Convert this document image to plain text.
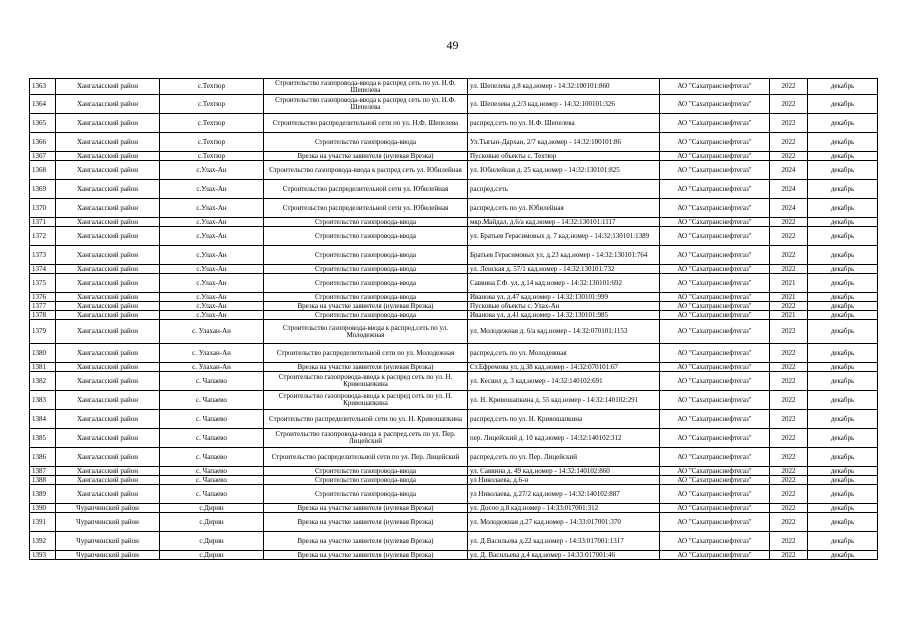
49
1363	Хангаласский район	с.Техтюр	Строительство газопровода-ввода к распред сеть по ул. Н.Ф. Шепелева	ул. Шепелева д.8 кад.номер - 14:32:100101:860	АО "Сахатранснефтегаз"	2022	декабрь
1364	Хангаласский район	с.Техтюр	Строительство газопровода-ввода к распред сеть по ул. Н.Ф. Шепелева	ул. Шепелева д.2/3 кад.номер - 14:32:100101:326	АО "Сахатранснефтегаз"	2022	декабрь
1365	Хангаласский район	с.Техтюр	Строительство распределительной сети по ул. Н.Ф. Шепелева	распред.сеть по ул. Н.Ф. Шепелева	АО "Сахатранснефтегаз"	2022	декабрь
1366	Хангаласский район	с.Техтюр	Строительство газопровода-ввода	Ул.Тыгын-Дархан, 2/7 кад.номер - 14:32:100101:86	АО "Сахатранснефтегаз"	2022	декабрь
1367	Хангаласский район	с.Техтюр	Врезка на участке заявителя (нулевая Врезка)	Пусковые объекты с. Техтюр	АО "Сахатранснефтегаз"	2022	декабрь
1368	Хангаласский район	с.Улах-Ан	Строительство газопровода-ввода к распред сеть ул. Юбилейная	ул. Юбилейная д. 25 кад.номер - 14:32:130101:825	АО "Сахатранснефтегаз"	2024	декабрь
1369	Хангаласский район	с.Улах-Ан	Строительство распределительной сети ул. Юбилейная	распред.сеть	АО "Сахатранснефтегаз"	2024	декабрь
1370	Хангаласский район	с.Улах-Ан	Строительство распределительной сети ул. Юбилейная	распред.сеть по ул. Юбилейная	АО "Сахатранснефтегаз"	2024	декабрь
1371	Хангаласский район	с.Улах-Ан	Строительство газопровода-ввода	мкр.Майдал, д.6/а кад.номер - 14:32:130101:1117	АО "Сахатранснефтегаз"	2022	декабрь
1372	Хангаласский район	с.Улах-Ан	Строительство газопровода-ввода	ул. Братьев Герасимовых д. 7 кад.номер - 14:32:130101:1389	АО "Сахатранснефтегаз"	2022	декабрь
1373	Хангаласский район	с.Улах-Ан	Строительство газопровода-ввода	Братьев Герасимовых ул, д.23 кад.номер - 14:32:130101:764	АО "Сахатранснефтегаз"	2022	декабрь
1374	Хангаласский район	с.Улах-Ан	Строительство газопровода-ввода	ул. Ленская д. 57/1 кад.номер - 14:32:130101:732	АО "Сахатранснефтегаз"	2022	декабрь
1375	Хангаласский район	с.Улах-Ан	Строительство газопровода-ввода	Саввина Г.Ф. ул, д.14 кад.номер - 14:32:130101:692	АО "Сахатранснефтегаз"	2021	декабрь
1376	Хангаласский район	с.Улах-Ан	Строительство газопровода-ввода	Иванова ул, д.47 кад.номер - 14:32:130101:999	АО "Сахатранснефтегаз"	2021	декабрь
1377	Хангаласский район	с.Улах-Ан	Врезка на участке заявителя (нулевая Врезка)	Пусковые объекты с. Улах-Ан	АО "Сахатранснефтегаз"	2022	декабрь
1378	Хангаласский район	с.Улах-Ан	Строительство газопровода-ввода	Иванова ул, д.41 кад.номер - 14:32:130101:985	АО "Сахатранснефтегаз"	2021	декабрь
1379	Хангаласский район	с. Улахан-Ан	Строительство газопровода-ввода к распред.сеть по ул. Молодежная	ул. Молодежная д. 6/а кад.номер - 14:32:070101:1153	АО "Сахатранснефтегаз"	2022	декабрь
1380	Хангаласский район	с. Улахан-Ан	Строительство распределительной сети по ул. Молодежная	распред.сеть по ул. Молодежная	АО "Сахатранснефтегаз"	2022	декабрь
1381	Хангаласский район	с. Улахан-Ан	Врезка на участке заявителя (нулевая Врезка)	Ст.Ефремова ул, д.38 кад.номер - 14:32:070101:67	АО "Сахатранснефтегаз"	2022	декабрь
1382	Хангаласский район	с. Чапаево	Строительство газопровода-ввода к распред сеть по ул. Н. Кривошапкина	ул. Кесвил д. 3 кад.номер - 14:32:140102:691	АО "Сахатранснефтегаз"	2022	декабрь
1383	Хангаласский район	с. Чапаево	Строительство газопровода-ввода к распред сеть по ул. Н. Кривошапкина	ул. Н. Кривошапкина д. 55 кад.номер - 14:32:140102:291	АО "Сахатранснефтегаз"	2022	декабрь
1384	Хангаласский район	с. Чапаево	Строительство распределительной сети по ул. Н. Кривошапкина	распред.сеть по ул. Н. Кривошапкина	АО "Сахатранснефтегаз"	2022	декабрь
1385	Хангаласский район	с. Чапаево	Строительство газопровода-ввода к распред.сеть по ул. Пер. Лицейский	пер. Лицейский д. 10 кад.номер - 14:32:140102:312	АО "Сахатранснефтегаз"	2022	декабрь
1386	Хангаласский район	с. Чапаево	Строительство распределительной сети по ул. Пер. Лицейский	распред.сеть по ул. Пер. Лицейский	АО "Сахатранснефтегаз"	2022	декабрь
1387	Хангаласский район	с. Чапаево	Строительство газопровода-ввода	ул. Саввина д. 49 кад.номер - 14:32:140102:860	АО "Сахатранснефтегаз"	2022	декабрь
1388	Хангаласский район	с. Чапаево	Строительство газопровода-ввода	ул Николаева, д.6-н	АО "Сахатранснефтегаз"	2022	декабрь
1389	Хангаласский район	с. Чапаево	Строительство газопровода-ввода	ул Николаева, д.27/2 кад.номер - 14:32:140102:887	АО "Сахатранснефтегаз"	2022	декабрь
1390	Чурапчинский район	с.Дирин	Врезка на участке заявителя (нулевая Врезка)	ул. Досоо д.8 кад.номер - 14:33:017001:312	АО "Сахатранснефтегаз"	2022	декабрь
1391	Чурапчинский район	с.Дирин	Врезка на участке заявителя (нулевая Врезка)	ул. Молодежная д.27 кад.номер - 14:33:017001:370	АО "Сахатранснефтегаз"	2022	декабрь
1392	Чурапчинский район	с.Дирин	Врезка на участке заявителя (нулевая Врезка)	ул. Д.Васильева д.22 кад.номер - 14:33:017001:1317	АО "Сахатранснефтегаз"	2022	декабрь
1393	Чурапчинский район	с.Дирин	Врезка на участке заявителя (нулевая Врезка)	ул. Д. Васильева д.4 кад.номер - 14:33:017001:46	АО "Сахатранснефтегаз"	2022	декабрь
